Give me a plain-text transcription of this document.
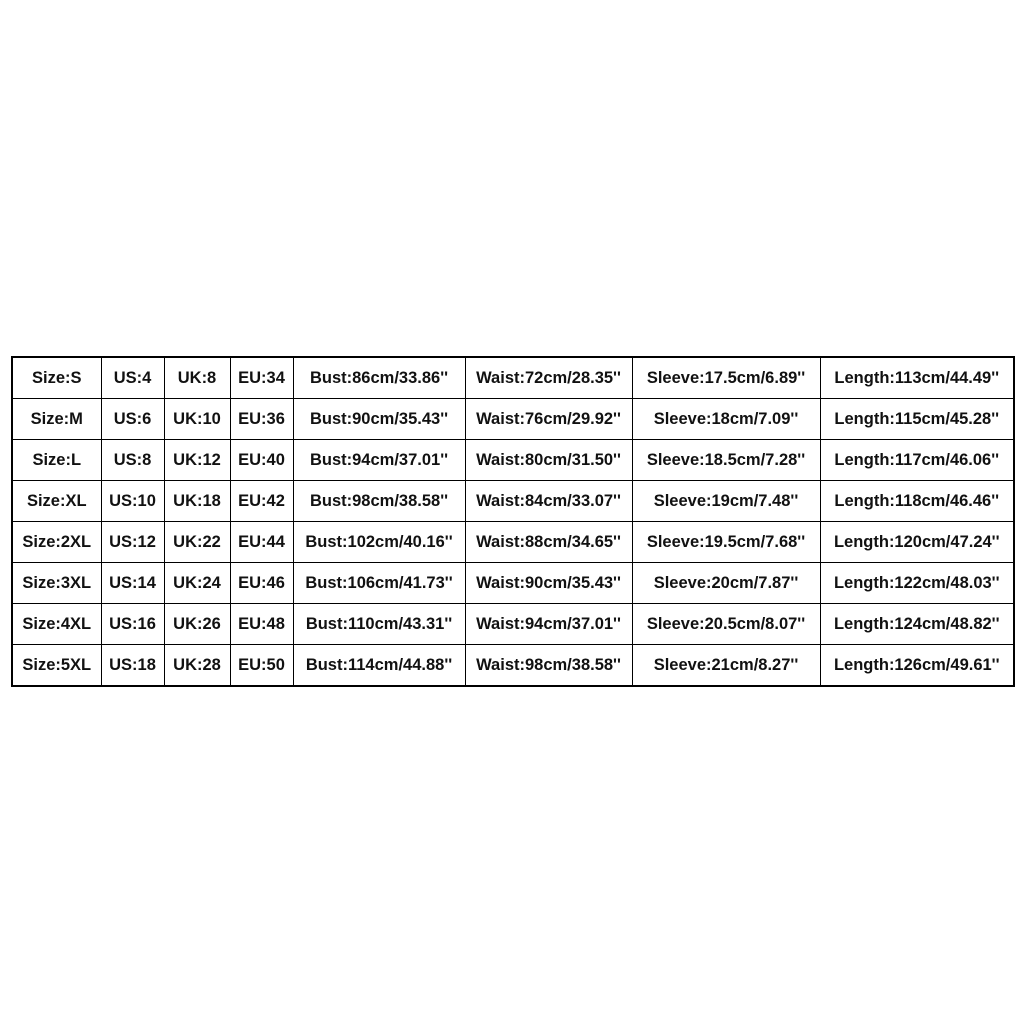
Size:S	US:4	UK:8	EU:34	Bust:86cm/33.86''	Waist:72cm/28.35''	Sleeve:17.5cm/6.89''	Length:113cm/44.49''
Size:M	US:6	UK:10	EU:36	Bust:90cm/35.43''	Waist:76cm/29.92''	Sleeve:18cm/7.09''	Length:115cm/45.28''
Size:L	US:8	UK:12	EU:40	Bust:94cm/37.01''	Waist:80cm/31.50''	Sleeve:18.5cm/7.28''	Length:117cm/46.06''
Size:XL	US:10	UK:18	EU:42	Bust:98cm/38.58''	Waist:84cm/33.07''	Sleeve:19cm/7.48''	Length:118cm/46.46''
Size:2XL	US:12	UK:22	EU:44	Bust:102cm/40.16''	Waist:88cm/34.65''	Sleeve:19.5cm/7.68''	Length:120cm/47.24''
Size:3XL	US:14	UK:24	EU:46	Bust:106cm/41.73''	Waist:90cm/35.43''	Sleeve:20cm/7.87''	Length:122cm/48.03''
Size:4XL	US:16	UK:26	EU:48	Bust:110cm/43.31''	Waist:94cm/37.01''	Sleeve:20.5cm/8.07''	Length:124cm/48.82''
Size:5XL	US:18	UK:28	EU:50	Bust:114cm/44.88''	Waist:98cm/38.58''	Sleeve:21cm/8.27''	Length:126cm/49.61''
